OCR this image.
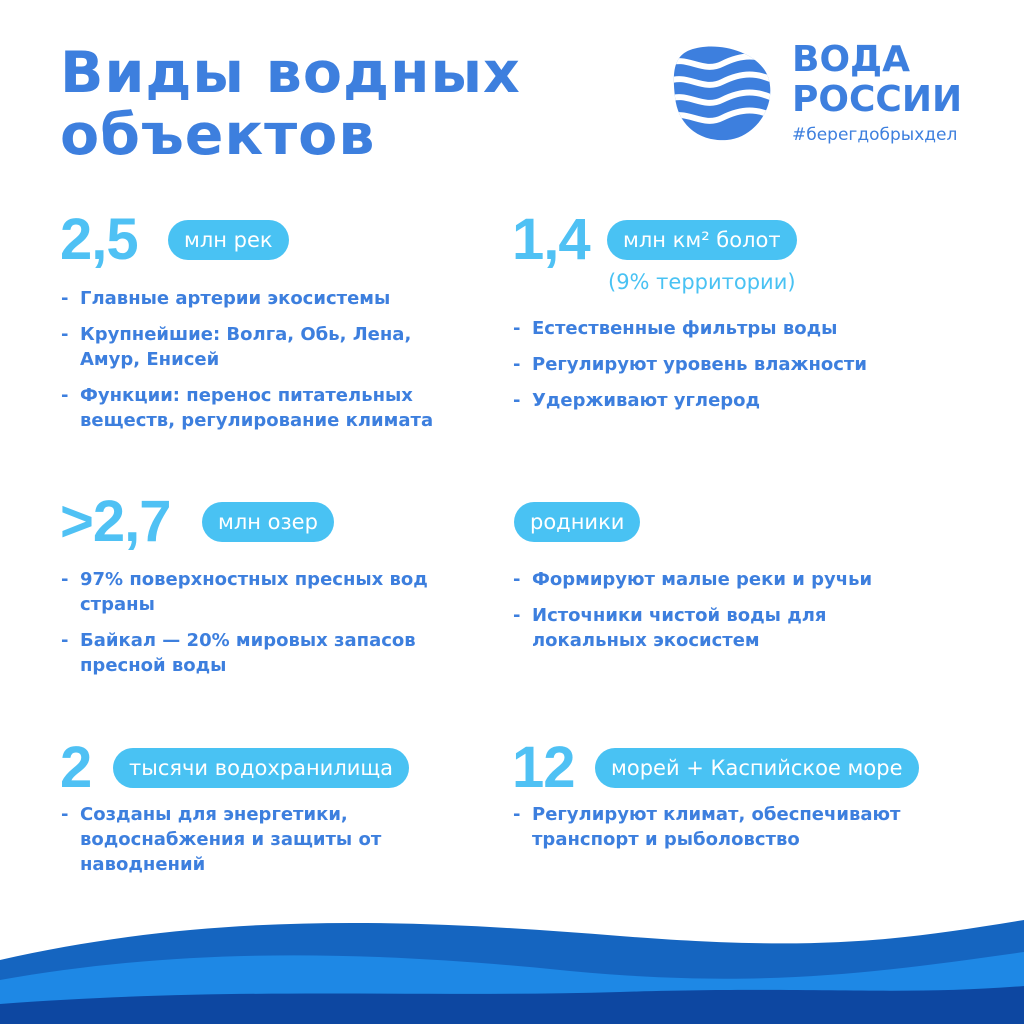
Виды водных
объектов
ВОДА
РОССИИ
#берегдобрыхдел
2,5	млн рек
- Главные артерии экосистемы
- Крупнейшие: Волга, Обь, Лена, Амур, Енисей
- Функции: перенос питательных веществ, регулирование климата
1,4	млн км² болот
(9% территории)
- Естественные фильтры воды
- Регулируют уровень влажности
- Удерживают углерод
>2,7	млн озер
- 97% поверхностных пресных вод страны
- Байкал — 20% мировых запасов пресной воды
родники
- Формируют малые реки и ручьи
- Источники чистой воды для локальных экосистем
2	тысячи водохранилища
- Созданы для энергетики, водоснабжения и защиты от наводнений
12	морей + Каспийское море
- Регулируют климат, обеспечивают транспорт и рыболовство
